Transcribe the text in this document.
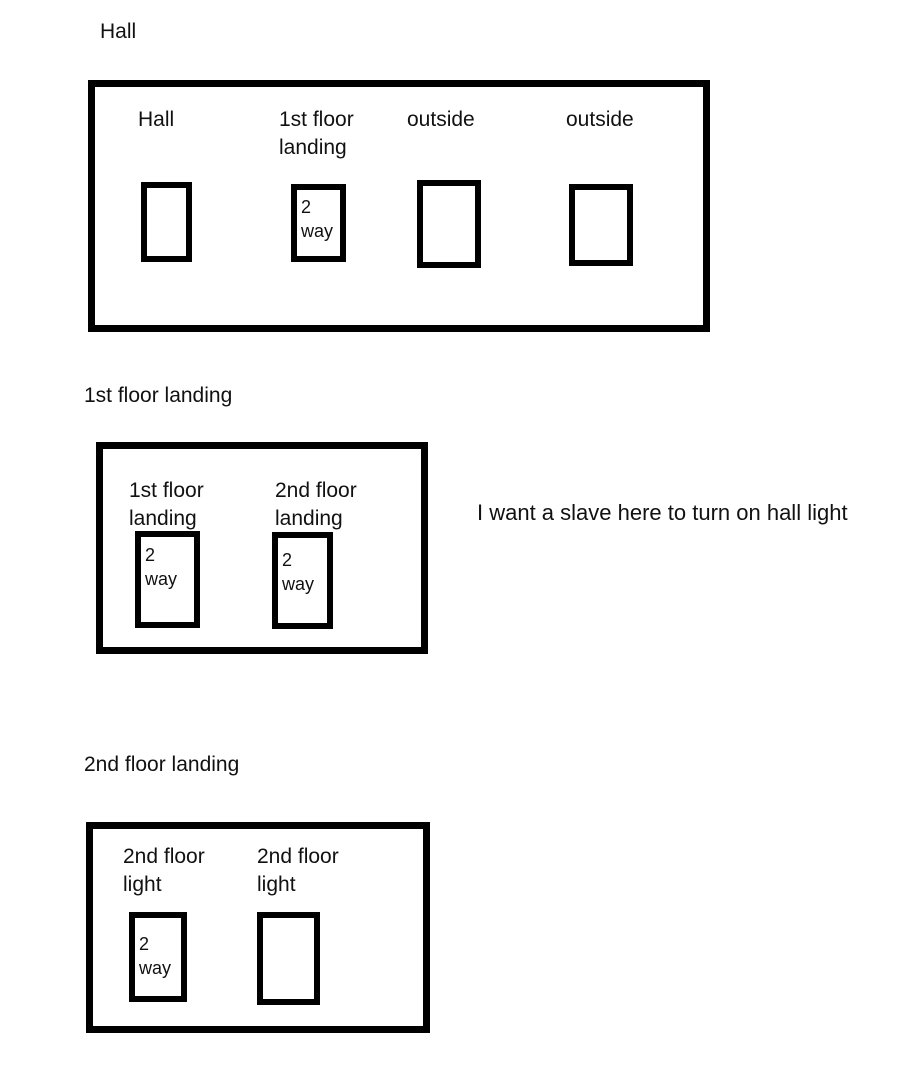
Hall
Hall	1st floor
landing
outside	outside
2
way
1st floor landing
1st floor
landing
2nd floor
landing
2
way
2
way
I want a slave here to turn on hall light
2nd floor landing
2nd floor
light
2nd floor
light
2
way
